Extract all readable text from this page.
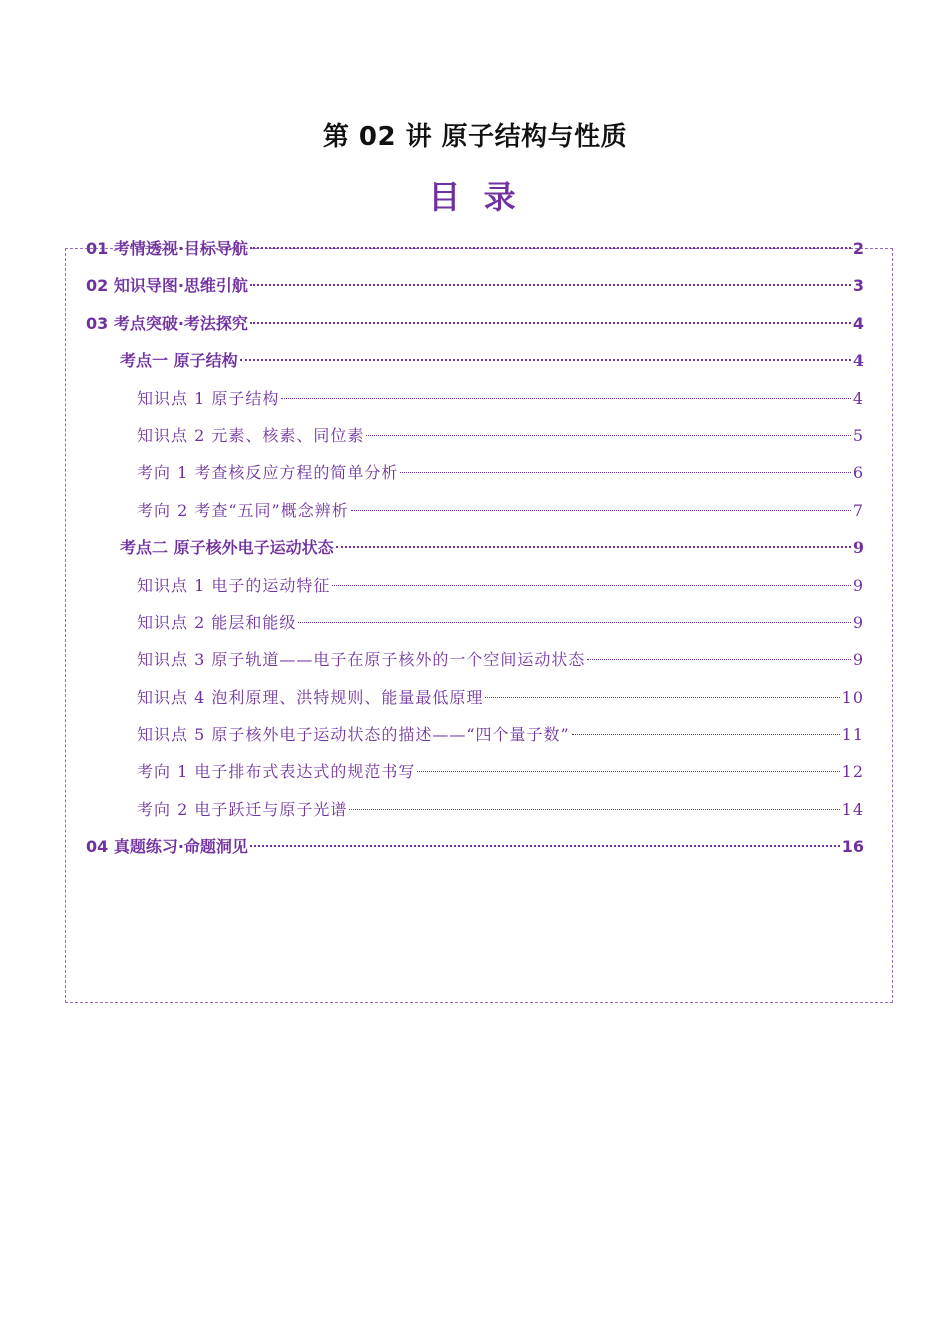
第 02 讲 原子结构与性质
目 录
01 考情透视·目标导航	2
02 知识导图·思维引航	3
03 考点突破·考法探究	4
考点一 原子结构	4
知识点 1 原子结构	4
知识点 2 元素、核素、同位素	5
考向 1 考查核反应方程的简单分析	6
考向 2 考查“五同”概念辨析	7
考点二 原子核外电子运动状态	9
知识点 1 电子的运动特征	9
知识点 2 能层和能级	9
知识点 3 原子轨道——电子在原子核外的一个空间运动状态	9
知识点 4 泡利原理、洪特规则、能量最低原理	10
知识点 5 原子核外电子运动状态的描述——“四个量子数”	11
考向 1 电子排布式表达式的规范书写	12
考向 2 电子跃迁与原子光谱	14
04 真题练习·命题洞见	16
